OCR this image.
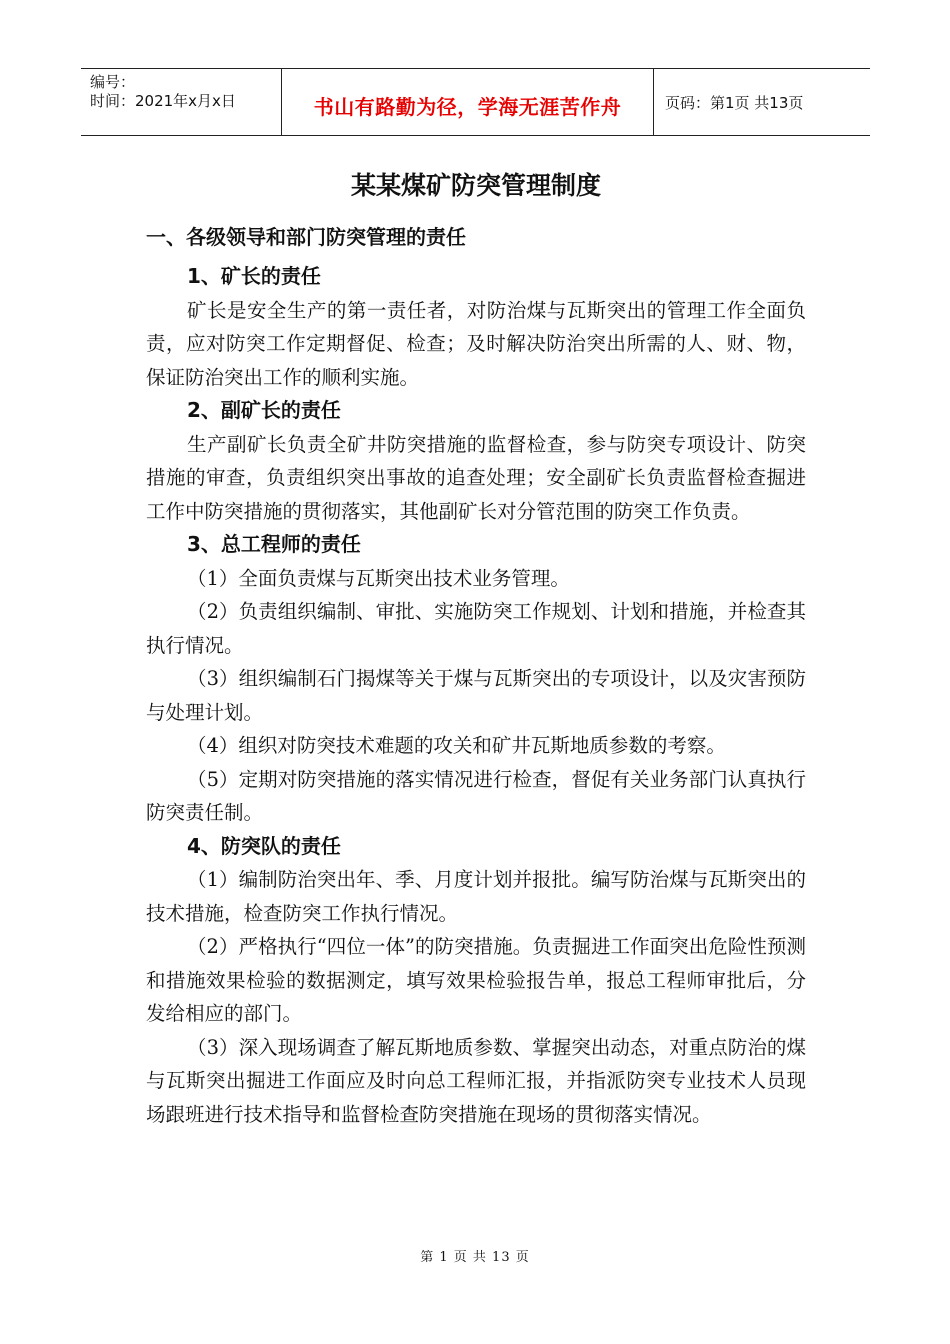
编号：
时间：2021年x月x日	书山有路勤为径，学海无涯苦作舟	页码：第1页 共13页
某某煤矿防突管理制度
一、各级领导和部门防突管理的责任

1、矿长的责任

矿长是安全生产的第一责任者，对防治煤与瓦斯突出的管理工作全面负责，应对防突工作定期督促、检查；及时解决防治突出所需的人、财、物，保证防治突出工作的顺利实施。

2、副矿长的责任

生产副矿长负责全矿井防突措施的监督检查，参与防突专项设计、防突措施的审查，负责组织突出事故的追查处理；安全副矿长负责监督检查掘进工作中防突措施的贯彻落实，其他副矿长对分管范围的防突工作负责。

3、总工程师的责任

（1）全面负责煤与瓦斯突出技术业务管理。

（2）负责组织编制、审批、实施防突工作规划、计划和措施，并检查其执行情况。

（3）组织编制石门揭煤等关于煤与瓦斯突出的专项设计，以及灾害预防与处理计划。

（4）组织对防突技术难题的攻关和矿井瓦斯地质参数的考察。

（5）定期对防突措施的落实情况进行检查，督促有关业务部门认真执行防突责任制。

4、防突队的责任

（1）编制防治突出年、季、月度计划并报批。编写防治煤与瓦斯突出的技术措施，检查防突工作执行情况。

（2）严格执行“四位一体”的防突措施。负责掘进工作面突出危险性预测和措施效果检验的数据测定，填写效果检验报告单，报总工程师审批后，分发给相应的部门。

（3）深入现场调查了解瓦斯地质参数、掌握突出动态，对重点防治的煤与瓦斯突出掘进工作面应及时向总工程师汇报，并指派防突专业技术人员现场跟班进行技术指导和监督检查防突措施在现场的贯彻落实情况。

第 1 页 共 13 页
